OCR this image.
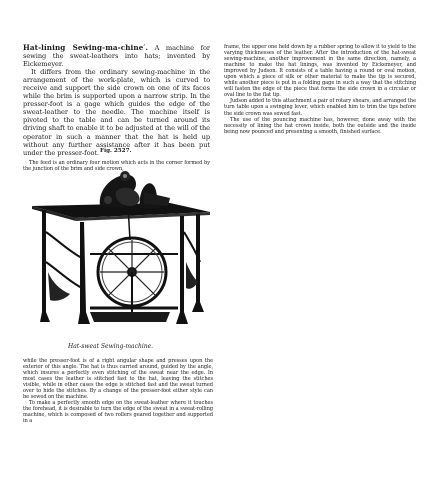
Hat-líning Seẃing-ma-chine′. A machine for sewing the sweat-leathers into hats; invented by Eickemeyer.

It differs from the ordinary sewing-machine in the arrangement of the work-plate, which is curved to receive and support the side crown on one of its faces while the brim is supported upon a narrow strip. In the presser-foot is a gage which guides the edge of the sweat-leather to the needle. The machine itself is pivoted to the table and can be turned around its driving shaft to enable it to be adjusted at the will of the operator in such a manner that the hat is held up without any further assistance after it has been put under the presser-foot.

The feed is an ordinary four motion which acts in the corner formed by the junction of the brim and side crown,

Fig. 2527.
Hat-sweat Sewing-machine.

while the presser-foot is of a right angular shape and presses upon the exterior of this angle. The hat is thus carried around, guided by the angle, which insures a perfectly even stitching of the sweat near the edge. In most cases the leather is stitched fast to the hat, leaving the stitches visible, while in other cases the edge is stitched fast and the sweat turned over to hide the stitches. By a change of the presser-foot either style can be sewed on the machine.

To make a perfectly smooth edge on the sweat-leather where it touches the forehead, it is desirable to turn the edge of the sweat in a sweat-rolling machine, which is composed of two rollers geared together and supported in a

frame, the upper one held down by a rubber spring to allow it to yield to the varying thicknesses of the leather. After the introduction of the hat-sweat sewing-machine, another improvement in the same direction, namely, a machine to make the hat linings, was invented by Eickemeyer, and improved by Judson. It consists of a table having a round or oval motion, upon which a piece of silk or other material to make the tip is secured, while another piece is put in a folding gage in such a way that the stitching will fasten the edge of the piece that forms the side crown in a circular or oval line to the flat tip.

Judson added to this attachment a pair of rotary shears, and arranged the turn table upon a swinging lever, which enabled him to trim the tips before the side crown was sewed fast.

The use of the pouncing machine has, however, done away with the necessity of lining the hat crown inside, both the outside and the inside being now pounced and presenting a smooth, finished surface.
